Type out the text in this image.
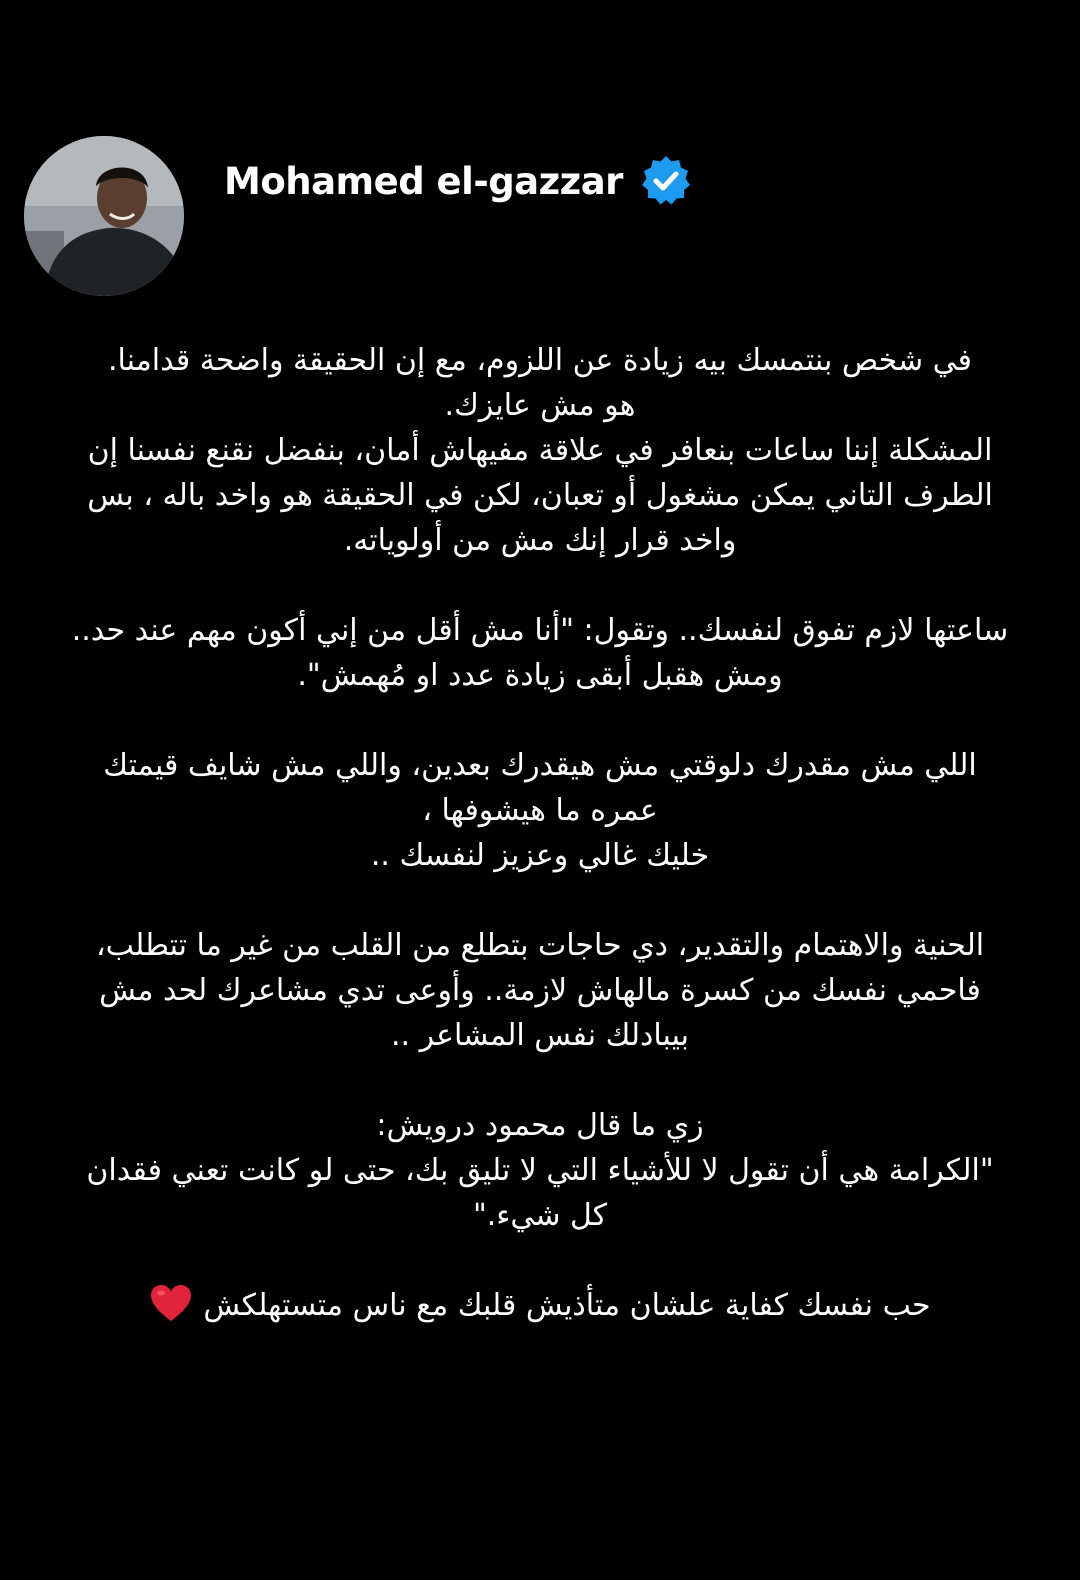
Mohamed el-gazzar

في شخص بنتمسك بيه زيادة عن اللزوم، مع إن الحقيقة واضحة قدامنا.
هو مش عايزك.
المشكلة إننا ساعات بنعافر في علاقة مفيهاش أمان، بنفضل نقنع نفسنا إن الطرف التاني يمكن مشغول أو تعبان، لكن في الحقيقة هو واخد باله ، بس واخد قرار إنك مش من أولوياته.

ساعتها لازم تفوق لنفسك.. وتقول: "أنا مش أقل من إني أكون مهم عند حد.. ومش هقبل أبقى زيادة عدد او مُهمش".

اللي مش مقدرك دلوقتي مش هيقدرك بعدين، واللي مش شايف قيمتك عمره ما هيشوفها ،
خليك غالي وعزيز لنفسك ..

الحنية والاهتمام والتقدير، دي حاجات بتطلع من القلب من غير ما تتطلب، فاحمي نفسك من كسرة مالهاش لازمة.. وأوعى تدي مشاعرك لحد مش بيبادلك نفس المشاعر ..

زي ما قال محمود درويش:
"الكرامة هي أن تقول لا للأشياء التي لا تليق بك، حتى لو كانت تعني فقدان كل شيء."

حب نفسك كفاية علشان متأذيش قلبك مع ناس متستهلكش
